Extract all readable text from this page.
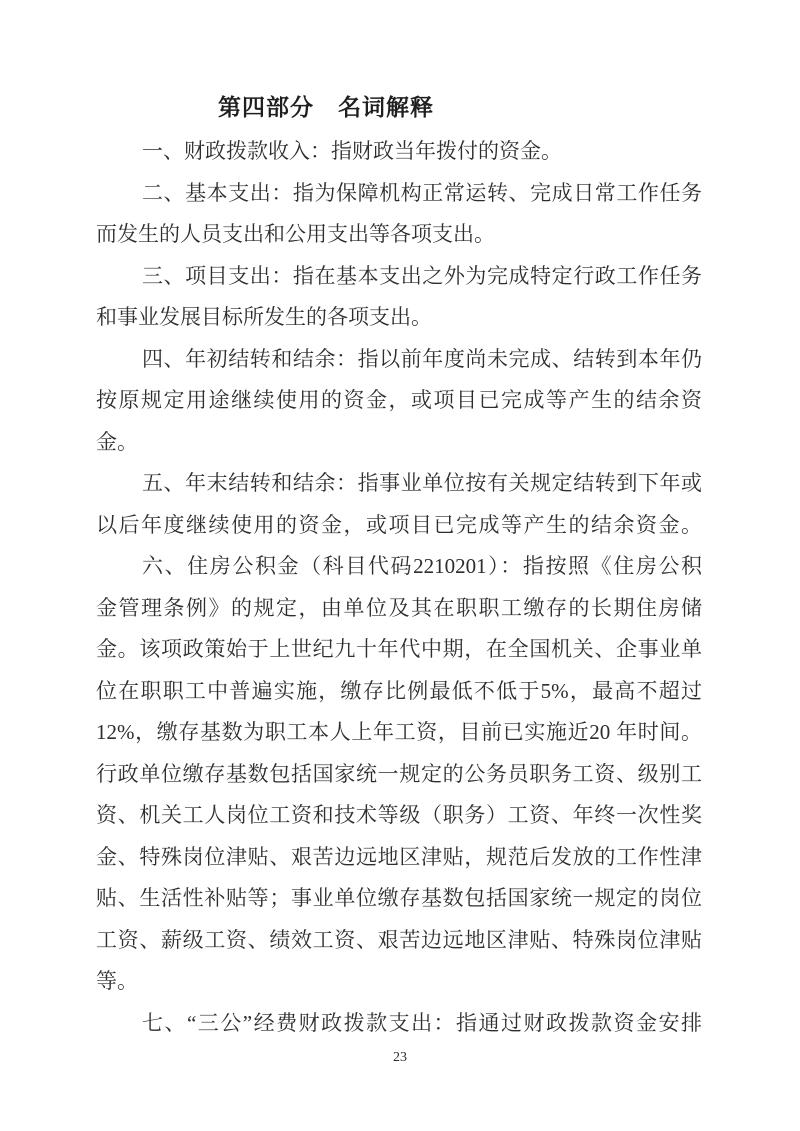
第四部分　名词解释
一、财政拨款收入：指财政当年拨付的资金。
二、基本支出：指为保障机构正常运转、完成日常工作任务
而发生的人员支出和公用支出等各项支出。
三、项目支出：指在基本支出之外为完成特定行政工作任务
和事业发展目标所发生的各项支出。
四、年初结转和结余：指以前年度尚未完成、结转到本年仍
按原规定用途继续使用的资金，或项目已完成等产生的结余资
金。
五、年末结转和结余：指事业单位按有关规定结转到下年或
以后年度继续使用的资金，或项目已完成等产生的结余资金。
六、住房公积金（科目代码2210201）：指按照《住房公积
金管理条例》的规定，由单位及其在职职工缴存的长期住房储
金。该项政策始于上世纪九十年代中期，在全国机关、企事业单
位在职职工中普遍实施，缴存比例最低不低于5%，最高不超过
12%，缴存基数为职工本人上年工资，目前已实施近20 年时间。
行政单位缴存基数包括国家统一规定的公务员职务工资、级别工
资、机关工人岗位工资和技术等级（职务）工资、年终一次性奖
金、特殊岗位津贴、艰苦边远地区津贴，规范后发放的工作性津
贴、生活性补贴等；事业单位缴存基数包括国家统一规定的岗位
工资、薪级工资、绩效工资、艰苦边远地区津贴、特殊岗位津贴
等。
七、“三公”经费财政拨款支出：指通过财政拨款资金安排
23
